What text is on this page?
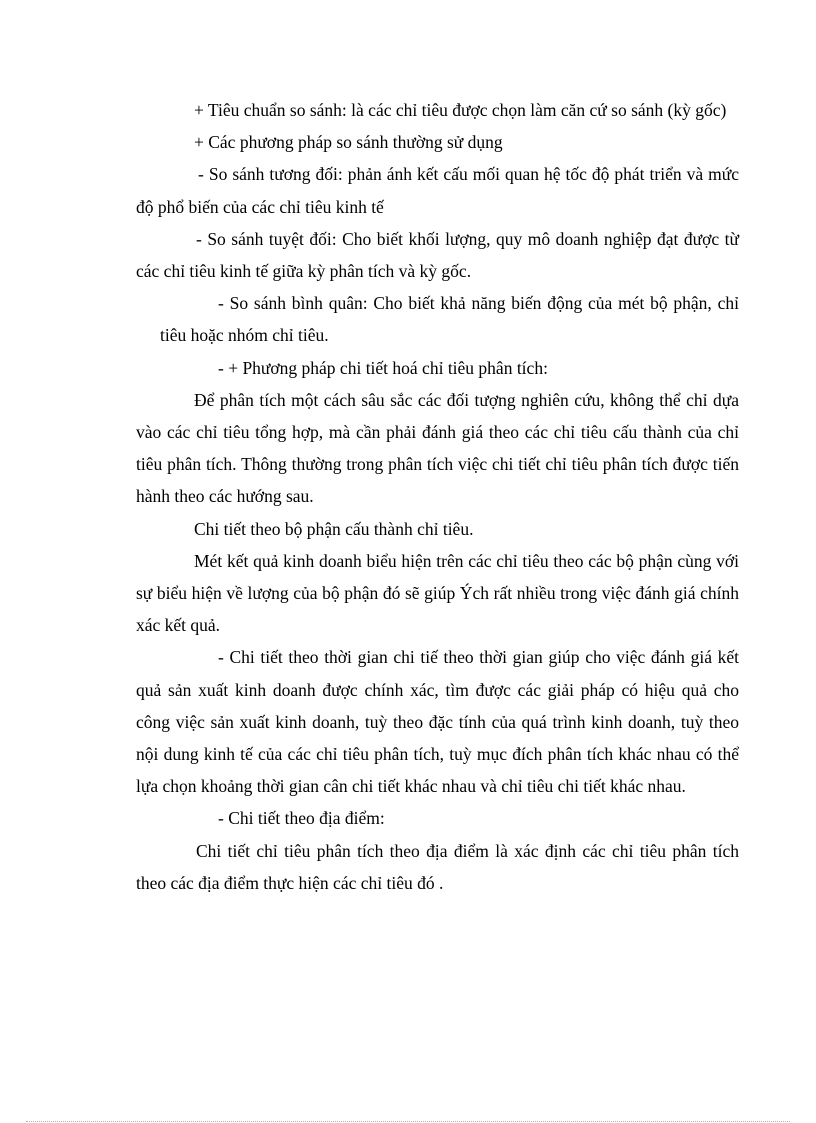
+ Tiêu chuẩn so sánh: là các chỉ tiêu được chọn làm căn cứ so sánh (kỳ gốc)

+ Các phương pháp so sánh thường sử dụng

- So sánh tương đối: phản ánh kết cấu mối quan hệ tốc độ phát triển và mức độ phổ biến của các chỉ tiêu kinh tế

- So sánh tuyệt đối: Cho biết khối lượng, quy mô doanh nghiệp đạt được từ các chỉ tiêu kinh tế giữa kỳ phân tích và kỳ gốc.

- So sánh bình quân: Cho biết khả năng biến động của mét bộ phận, chỉ tiêu hoặc nhóm chỉ tiêu.

- + Phương pháp chi tiết hoá chỉ tiêu phân tích:

Để phân tích một cách sâu sắc các đối tượng nghiên cứu, không thể chỉ dựa vào các chỉ tiêu tổng hợp, mà cần phải đánh giá theo các chỉ tiêu cấu thành của chỉ tiêu phân tích. Thông thường trong phân tích việc chi tiết chỉ tiêu phân tích được tiến hành theo các hướng sau.

Chi tiết theo bộ phận cấu thành chỉ tiêu.

Mét kết quả kinh doanh biểu hiện trên các chỉ tiêu theo các bộ phận cùng với sự biểu hiện về lượng của bộ phận đó sẽ giúp Ých rất nhiều trong việc đánh giá chính xác kết quả.

- Chi tiết theo thời gian chi tiế theo thời gian giúp cho việc đánh giá kết quả sản xuất kinh doanh được chính xác, tìm được các giải pháp có hiệu quả cho công việc sản xuất kinh doanh, tuỳ theo đặc tính của quá trình kinh doanh, tuỳ theo nội dung kinh tế của các chỉ tiêu phân tích, tuỳ mục đích phân tích khác nhau có thể lựa chọn khoảng thời gian cân chi tiết khác nhau và chỉ tiêu chi tiết khác nhau.

- Chi tiết theo địa điểm:

Chi tiết chỉ tiêu phân tích theo địa điểm là xác định các chỉ tiêu phân tích theo các địa điểm thực hiện các chỉ tiêu đó .
